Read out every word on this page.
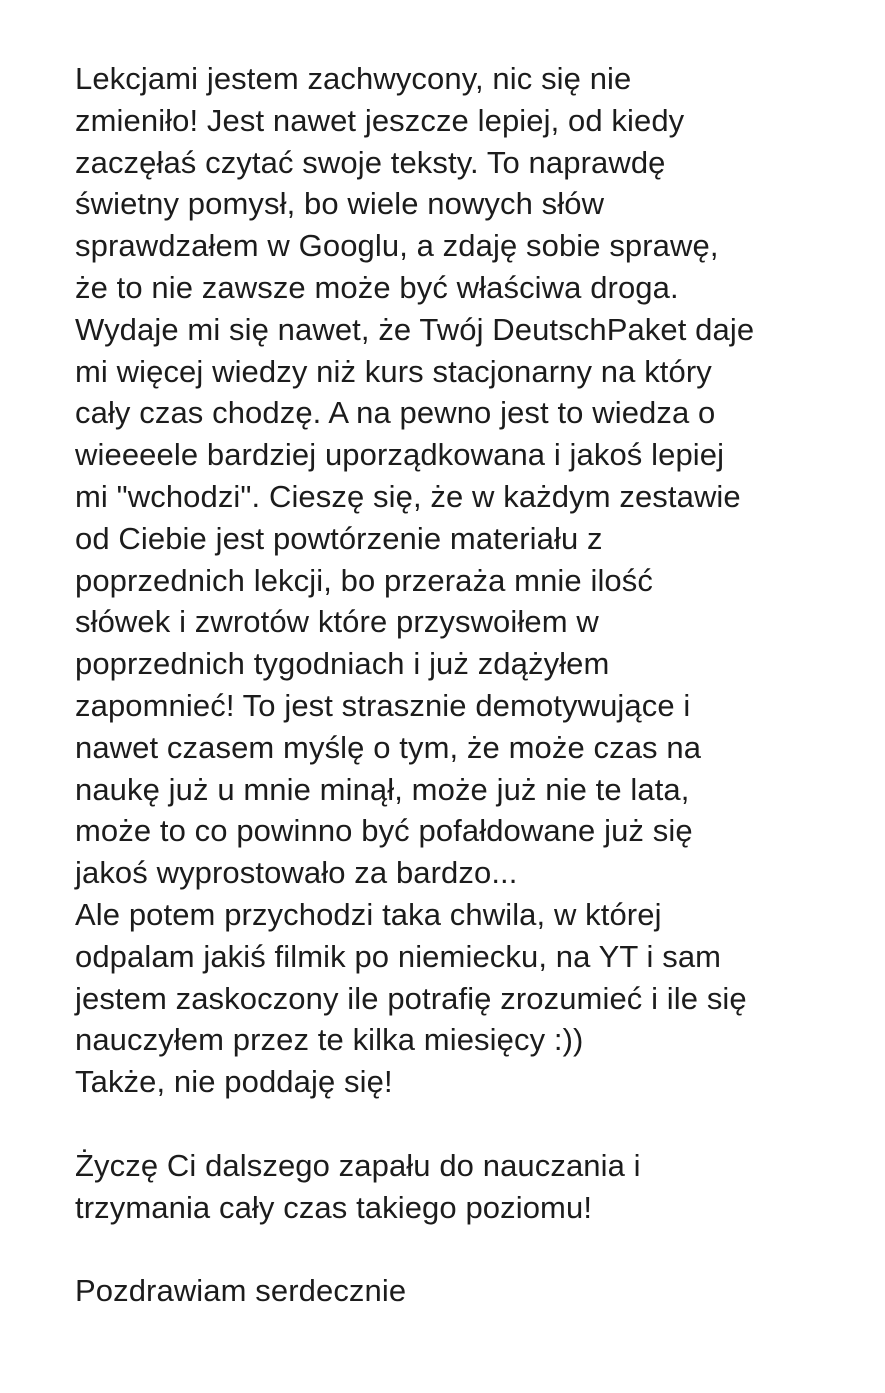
Lekcjami jestem zachwycony, nic się nie
zmieniło! Jest nawet jeszcze lepiej, od kiedy
zaczęłaś czytać swoje teksty. To naprawdę
świetny pomysł, bo wiele nowych słów
sprawdzałem w Googlu, a zdaję sobie sprawę,
że to nie zawsze może być właściwa droga.
Wydaje mi się nawet, że Twój DeutschPaket daje
mi więcej wiedzy niż kurs stacjonarny na który
cały czas chodzę. A na pewno jest to wiedza o
wieeeele bardziej uporządkowana i jakoś lepiej
mi "wchodzi". Cieszę się, że w każdym zestawie
od Ciebie jest powtórzenie materiału z
poprzednich lekcji, bo przeraża mnie ilość
słówek i zwrotów które przyswoiłem w
poprzednich tygodniach i już zdążyłem
zapomnieć! To jest strasznie demotywujące i
nawet czasem myślę o tym, że może czas na
naukę już u mnie minął, może już nie te lata,
może to co powinno być pofałdowane już się
jakoś wyprostowało za bardzo...
Ale potem przychodzi taka chwila, w której
odpalam jakiś filmik po niemiecku, na YT i sam
jestem zaskoczony ile potrafię zrozumieć i ile się
nauczyłem przez te kilka miesięcy :))
Także, nie poddaję się!
Życzę Ci dalszego zapału do nauczania i
trzymania cały czas takiego poziomu!
Pozdrawiam serdecznie
